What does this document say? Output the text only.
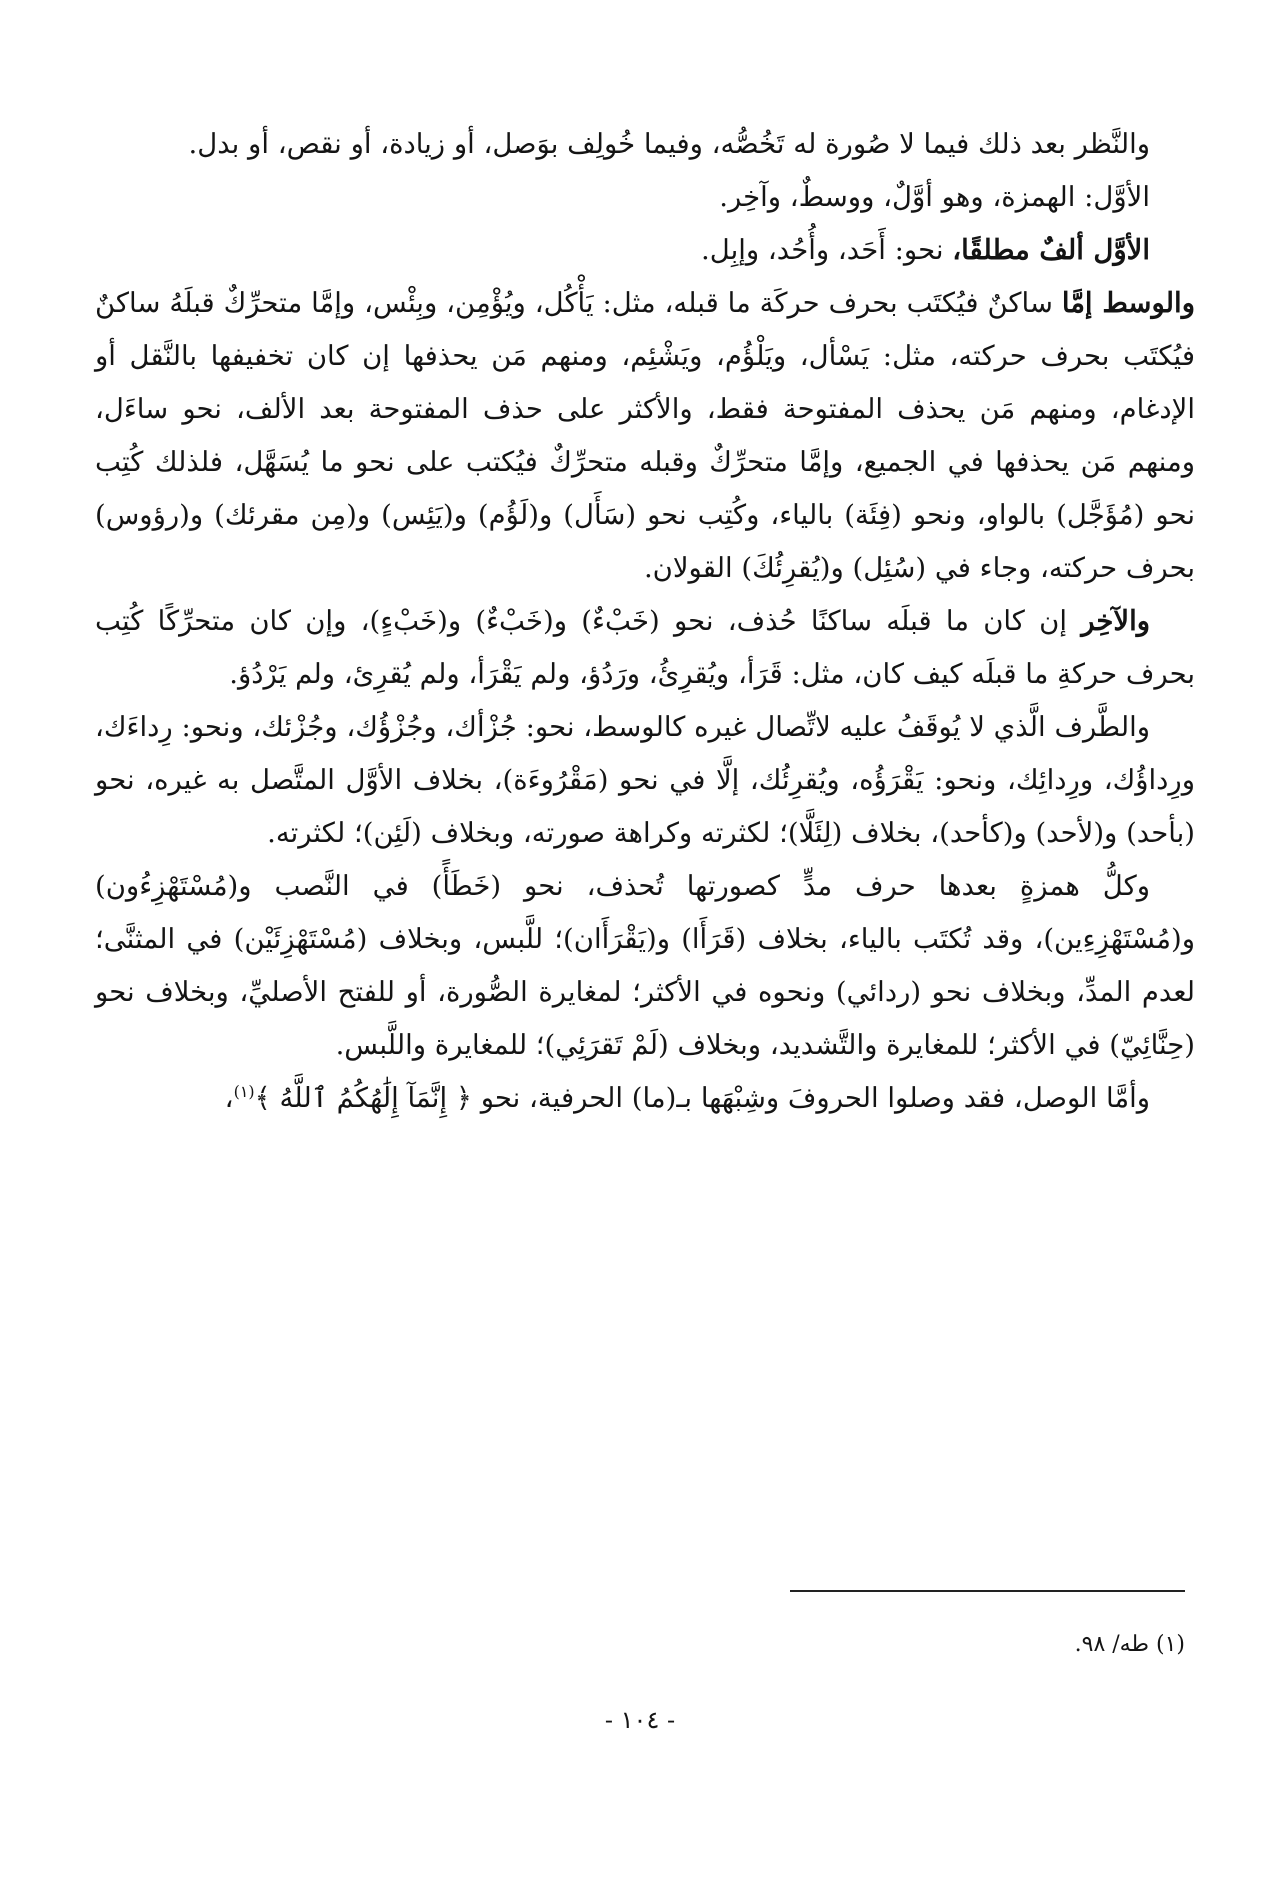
والنَّظر بعد ذلك فيما لا صُورة له تَخُصُّه، وفيما خُولِف بوَصل، أو زيادة، أو نقص، أو بدل.

الأوَّل: الهمزة، وهو أوَّلٌ، ووسطٌ، وآخِر.

الأوَّل ألفٌ مطلقًا، نحو: أَحَد، وأُحُد، وإبِل.

والوسط إمَّا ساكنٌ فيُكتَب بحرف حركَة ما قبله، مثل: يَأْكُل، ويُؤْمِن، وبِئْس، وإمَّا متحرِّكٌ قبلَهُ ساكنٌ فيُكتَب بحرف حركته، مثل: يَسْأل، ويَلْؤُم، ويَشْئِم، ومنهم مَن يحذفها إن كان تخفيفها بالنَّقل أو الإدغام، ومنهم مَن يحذف المفتوحة فقط، والأكثر على حذف المفتوحة بعد الألف، نحو ساءَل، ومنهم مَن يحذفها في الجميع، وإمَّا متحرِّكٌ وقبله متحرِّكٌ فيُكتب على نحو ما يُسَهَّل، فلذلك كُتِب نحو (مُؤَجَّل) بالواو، ونحو (فِئَة) بالياء، وكُتِب نحو (سَأَل) و(لَؤُم) و(يَئِس) و(مِن مقرئك) و(رؤوس) بحرف حركته، وجاء في (سُئِل) و(يُقرِئُكَ) القولان.

والآخِر إن كان ما قبلَه ساكنًا حُذف، نحو (خَبْءٌ) و(خَبْءٌ) و(خَبْءٍ)، وإن كان متحرِّكًا كُتِب بحرف حركةِ ما قبلَه كيف كان، مثل: قَرَأ، ويُقرِئُ، ورَدُؤ، ولم يَقْرَأ، ولم يُقرِئ، ولم يَرْدُؤ.

والطَّرف الَّذي لا يُوقَفُ عليه لاتِّصال غيره كالوسط، نحو: جُزْأك، وجُزْؤُك، وجُزْئك، ونحو: رِداءَك، ورِداؤُك، ورِدائِك، ونحو: يَقْرَؤُه، ويُقرِئُك، إلَّا في نحو (مَقْرُوءَة)، بخلاف الأوَّل المتَّصل به غيره، نحو (بأحد) و(لأحد) و(كأحد)، بخلاف (لِئَلَّا)؛ لكثرته وكراهة صورته، وبخلاف (لَئِن)؛ لكثرته.

وكلُّ همزةٍ بعدها حرف مدٍّ كصورتها تُحذف، نحو (خَطَأً) في النَّصب و(مُسْتَهْزِءُون) و(مُسْتَهْزِءِين)، وقد تُكتَب بالياء، بخلاف (قَرَأَا) و(يَقْرَأَان)؛ للَّبس، وبخلاف (مُسْتَهْزِئَيْن) في المثنَّى؛ لعدم المدِّ، وبخلاف نحو (ردائي) ونحوه في الأكثر؛ لمغايرة الصُّورة، أو للفتح الأصليِّ، وبخلاف نحو (حِنَّائِيّ) في الأكثر؛ للمغايرة والتَّشديد، وبخلاف (لَمْ تَقرَئِي)؛ للمغايرة واللَّبس.

وأمَّا الوصل، فقد وصلوا الحروفَ وشِبْهَها بـ(ما) الحرفية، نحو ﴿ إِنَّمَآ إِلَٰهُكُمُ ٱللَّهُ ﴾$^{(١)}$،

(١) طه/ ٩٨.
- ١٠٤ -
